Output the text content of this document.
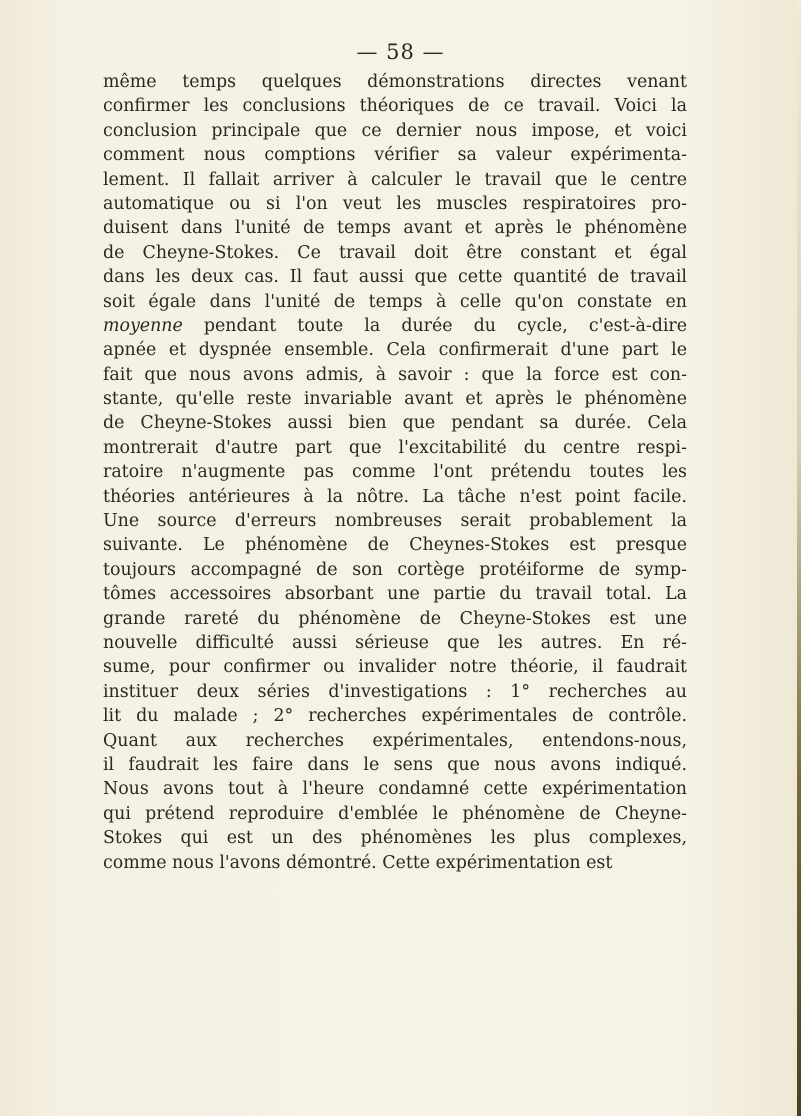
— 58 —
même temps quelques démonstrations directes venant
confirmer les conclusions théoriques de ce travail. Voici la
conclusion principale que ce dernier nous impose, et voici
comment nous comptions vérifier sa valeur expérimenta-
lement. Il fallait arriver à calculer le travail que le centre
automatique ou si l'on veut les muscles respiratoires pro-
duisent dans l'unité de temps avant et après le phénomène
de Cheyne-Stokes. Ce travail doit être constant et égal
dans les deux cas. Il faut aussi que cette quantité de travail
soit égale dans l'unité de temps à celle qu'on constate en
moyenne pendant toute la durée du cycle, c'est-à-dire
apnée et dyspnée ensemble. Cela confirmerait d'une part le
fait que nous avons admis, à savoir : que la force est con-
stante, qu'elle reste invariable avant et après le phénomène
de Cheyne-Stokes aussi bien que pendant sa durée. Cela
montrerait d'autre part que l'excitabilité du centre respi-
ratoire n'augmente pas comme l'ont prétendu toutes les
théories antérieures à la nôtre. La tâche n'est point facile.
Une source d'erreurs nombreuses serait probablement la
suivante. Le phénomène de Cheynes-Stokes est presque
toujours accompagné de son cortège protéiforme de symp-
tômes accessoires absorbant une partie du travail total. La
grande rareté du phénomène de Cheyne-Stokes est une
nouvelle difficulté aussi sérieuse que les autres. En ré-
sume, pour confirmer ou invalider notre théorie, il faudrait
instituer deux séries d'investigations : 1° recherches au
lit du malade ; 2° recherches expérimentales de contrôle.
Quant aux recherches expérimentales, entendons-nous,
il faudrait les faire dans le sens que nous avons indiqué.
Nous avons tout à l'heure condamné cette expérimentation
qui prétend reproduire d'emblée le phénomène de Cheyne-
Stokes qui est un des phénomènes les plus complexes,
comme nous l'avons démontré. Cette expérimentation est
